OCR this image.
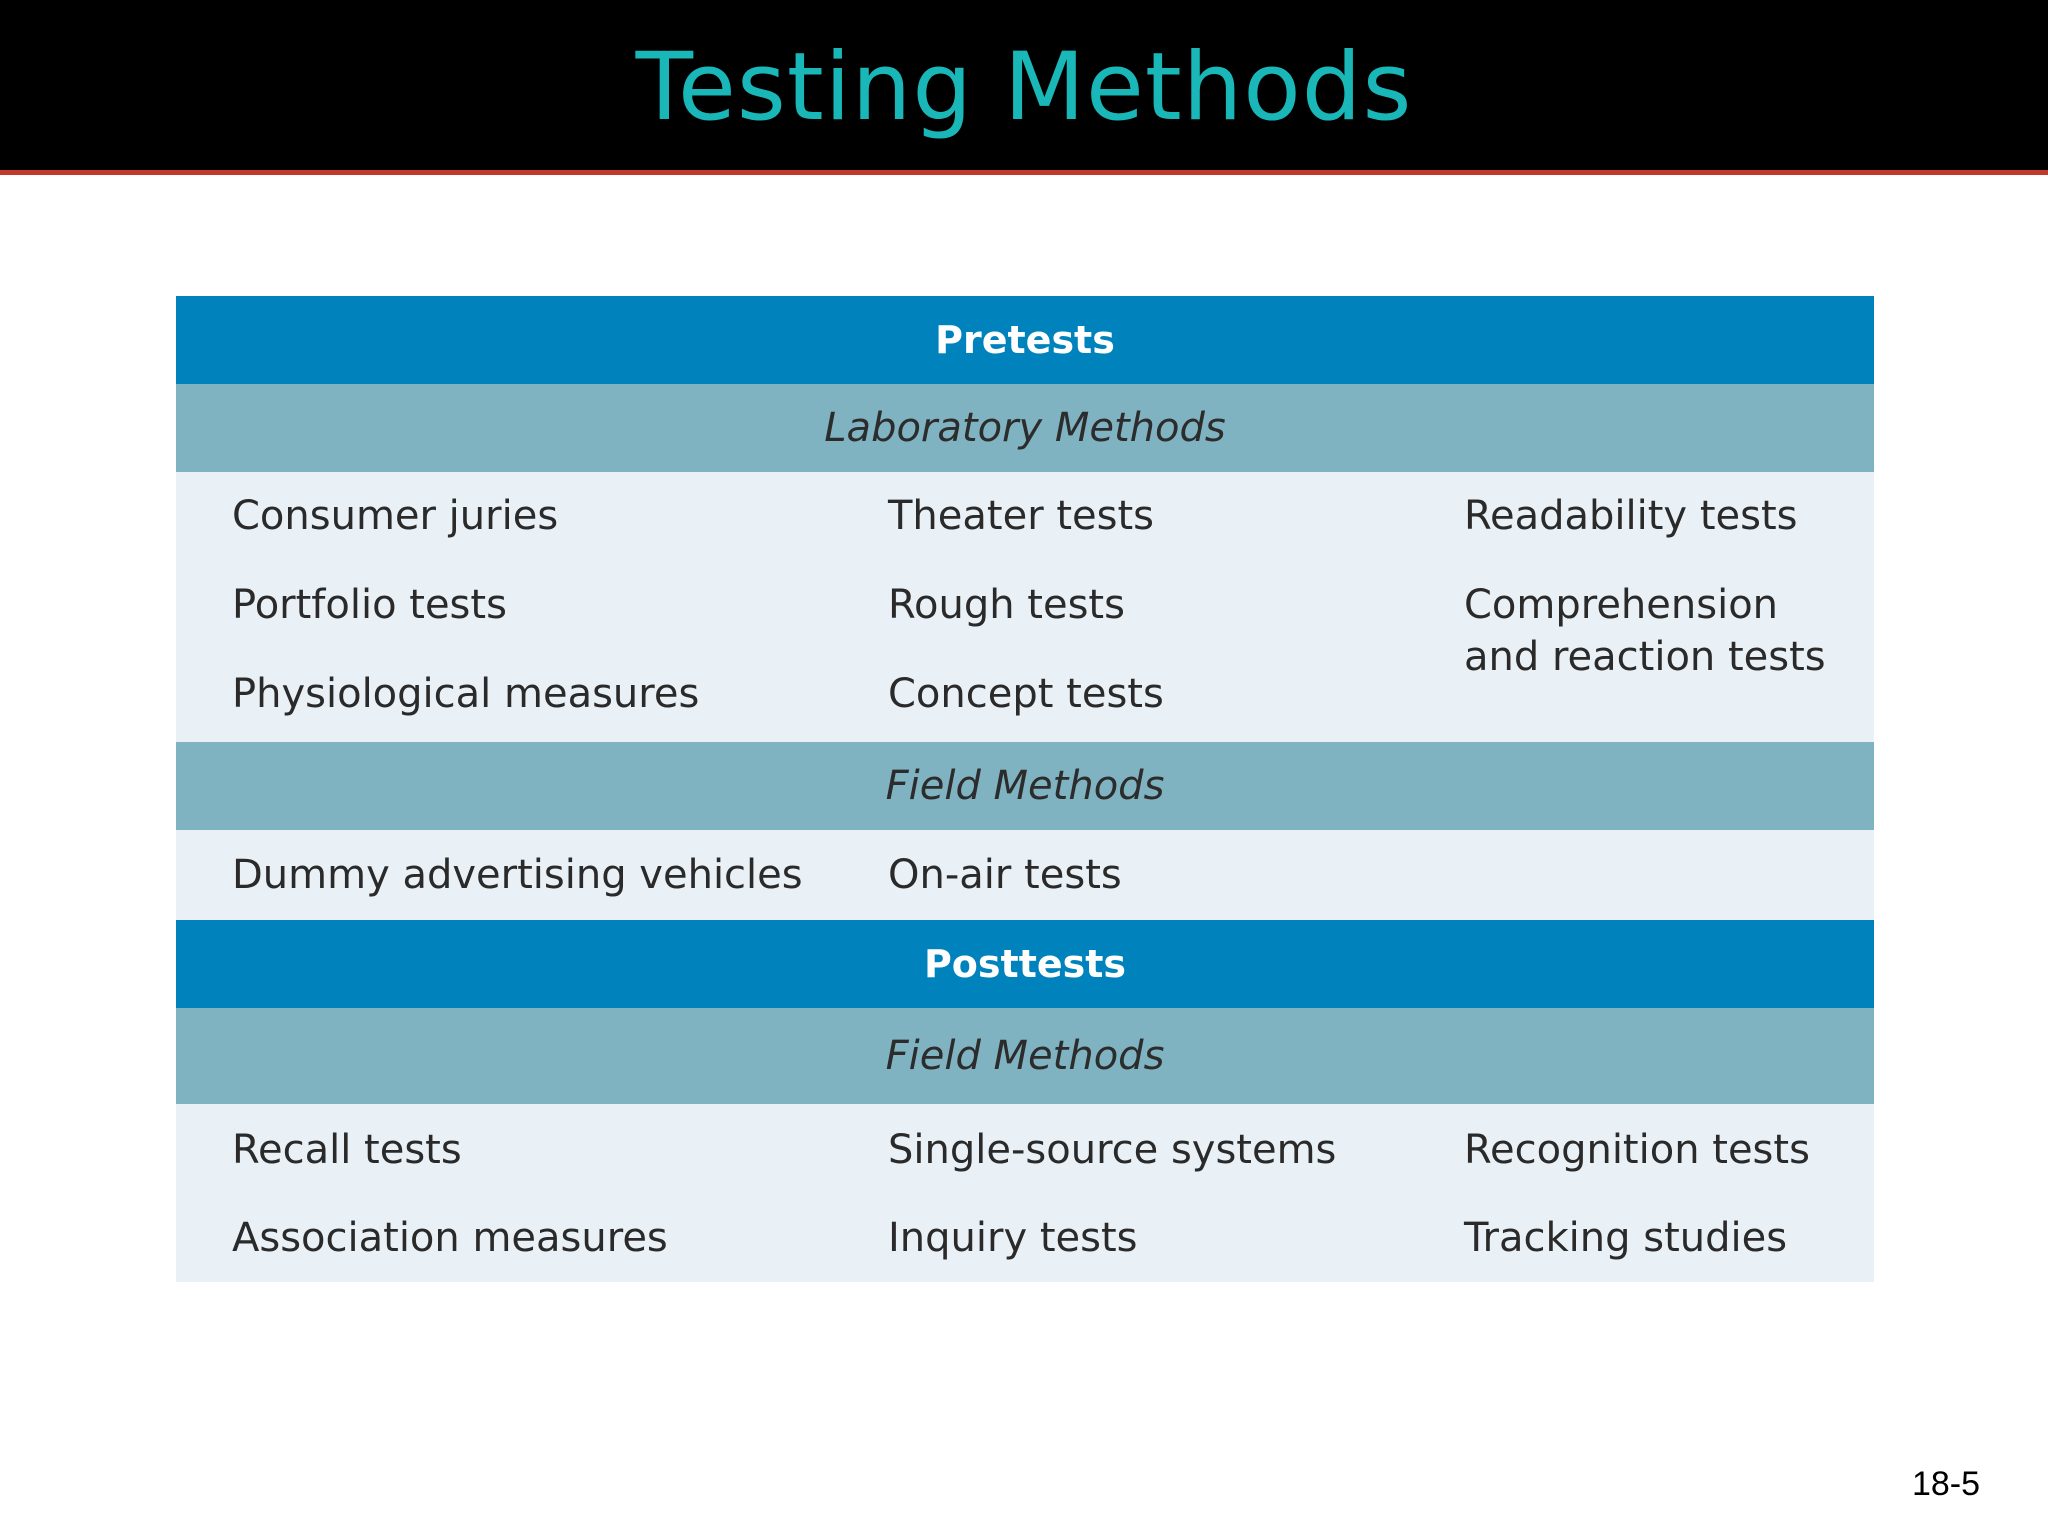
Testing Methods
Pretests
Laboratory Methods
Consumer juries
Portfolio tests
Physiological measures
Theater tests
Rough tests
Concept tests
Readability tests
Comprehension
and reaction tests
Field Methods
Dummy advertising vehicles On-air tests
Posttests
Field Methods
Recall tests
Association measures
Single-source systems
Inquiry tests
Recognition tests
Tracking studies
18-5
